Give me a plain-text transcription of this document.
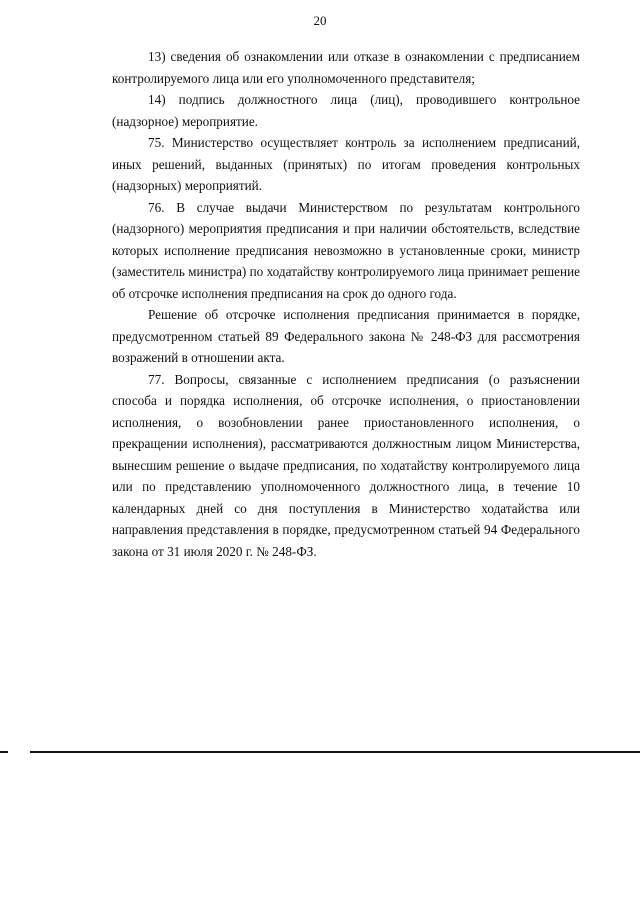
20

13) сведения об ознакомлении или отказе в ознакомлении с предписанием контролируемого лица или его уполномоченного представителя;

14) подпись должностного лица (лиц), проводившего контрольное (надзорное) мероприятие.

75. Министерство осуществляет контроль за исполнением предписаний, иных решений, выданных (принятых) по итогам проведения контрольных (надзорных) мероприятий.

76. В случае выдачи Министерством по результатам контрольного (надзорного) мероприятия предписания и при наличии обстоятельств, вследствие которых исполнение предписания невозможно в установленные сроки, министр (заместитель министра) по ходатайству контролируемого лица принимает решение об отсрочке исполнения предписания на срок до одного года.

Решение об отсрочке исполнения предписания принимается в порядке, предусмотренном статьей 89 Федерального закона № 248-ФЗ для рассмотрения возражений в отношении акта.

77. Вопросы, связанные с исполнением предписания (о разъяснении способа и порядка исполнения, об отсрочке исполнения, о приостановлении исполнения, о возобновлении ранее приостановленного исполнения, о прекращении исполнения), рассматриваются должностным лицом Министерства, вынесшим решение о выдаче предписания, по ходатайству контролируемого лица или по представлению уполномоченного должностного лица, в течение 10 календарных дней со дня поступления в Министерство ходатайства или направления представления в порядке, предусмотренном статьей 94 Федерального закона от 31 июля 2020 г. № 248-ФЗ.
